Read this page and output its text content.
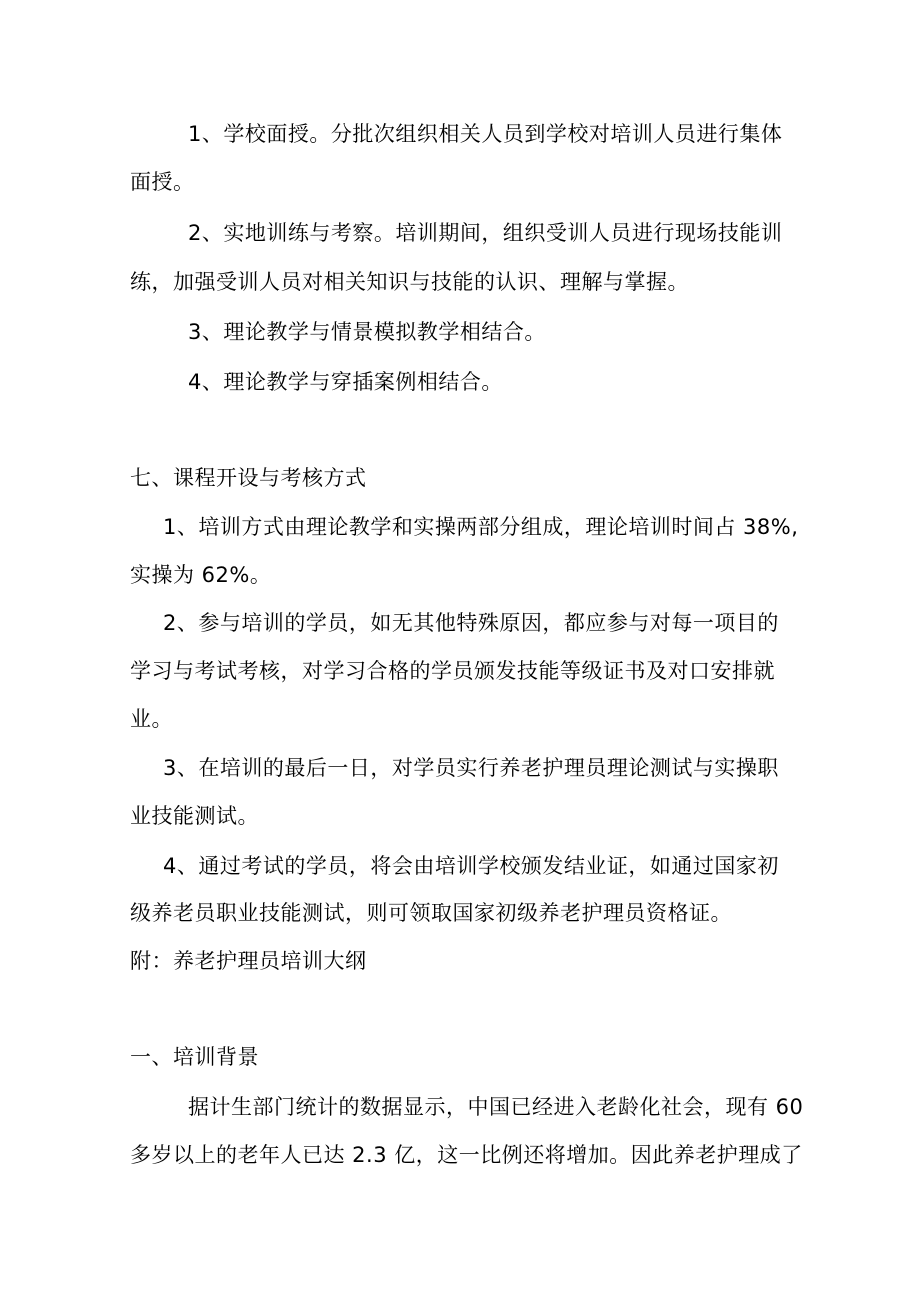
1、学校面授。分批次组织相关人员到学校对培训人员进行集体
面授。
2、实地训练与考察。培训期间，组织受训人员进行现场技能训
练，加强受训人员对相关知识与技能的认识、理解与掌握。
3、理论教学与情景模拟教学相结合。
4、理论教学与穿插案例相结合。
七、课程开设与考核方式
1、培训方式由理论教学和实操两部分组成，理论培训时间占 38%,
实操为 62%。
2、参与培训的学员，如无其他特殊原因，都应参与对每一项目的
学习与考试考核，对学习合格的学员颁发技能等级证书及对口安排就
业。
3、在培训的最后一日，对学员实行养老护理员理论测试与实操职
业技能测试。
4、通过考试的学员，将会由培训学校颁发结业证，如通过国家初
级养老员职业技能测试，则可领取国家初级养老护理员资格证。
附：养老护理员培训大纲
一、培训背景
据计生部门统计的数据显示，中国已经进入老龄化社会，现有 60
多岁以上的老年人已达 2.3 亿，这一比例还将增加。因此养老护理成了
